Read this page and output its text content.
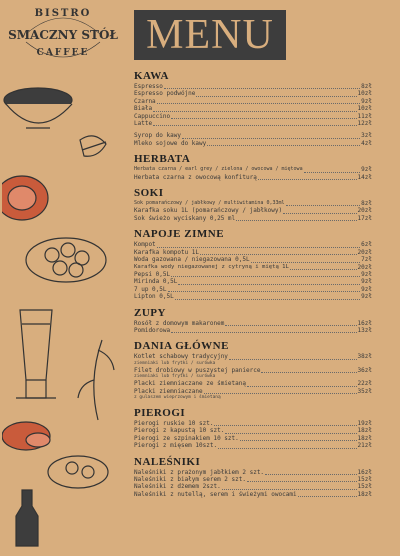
BISTRO
SMACZNY STÓŁ
CAFFEE	MENU
KAWA
Espresso	8zł
Espresso podwójne	10zł
Czarna	9zł
Biała	10zł
Cappuccino	11zł
Latte	12zł
Syrop do kawy	3zł
Mleko sojowe do kawy	4zł
HERBATA
Herbata czarna / earl grey / zielona / owocowa / miętowa	9zł
Herbata czarna z owocową konfiturą	14zł
SOKI
Sok pomarańczowy / jabłkowy / multiwitamina 0,33ml	8zł
Karafka soku 1L (pomarańczowy / jabłkowy)	20zł
Sok świeżo wyciskany 0,25 ml	17zł
NAPOJE ZIMNE
Kompot	6zł
Karafka kompotu 1L	20zł
Woda gazowana / niegazowana 0,5L	7zł
Karafka wody niegazowanej z cytryną i miętą 1L	20zł
Pepsi 0,5L	9zł
Mirinda 0,5L	9zł
7 up 0,5L	9zł
Lipton 0,5L	9zł
ZUPY
Rosół z domowym makaronem	16zł
Pomidorowa	13zł
DANIA GŁÓWNE
Kotlet schabowy tradycyjny	38zł
ziemniaki lub frytki / surówka
Filet drobiowy w puszystej panierce	36zł
ziemniaki lub frytki / surówka
Placki ziemniaczane ze śmietaną	22zł
Placki ziemniaczane	35zł
z gulaszem wieprzowym i śmietaną
PIEROGI
Pierogi ruskie 10 szt.	19zł
Pierogi z kapustą 10 szt.	18zł
Pierogi ze szpinakiem 10 szt.	18zł
Pierogi z mięsem 10szt.	21zł
NALEŚNIKI
Naleśniki z prażonym jabłkiem 2 szt.	16zł
Naleśniki z białym serem 2 szt.	15zł
Naleśniki z dżemem 2szt.	15zł
Naleśniki z nutellą, serem i świeżymi owocami	18zł
